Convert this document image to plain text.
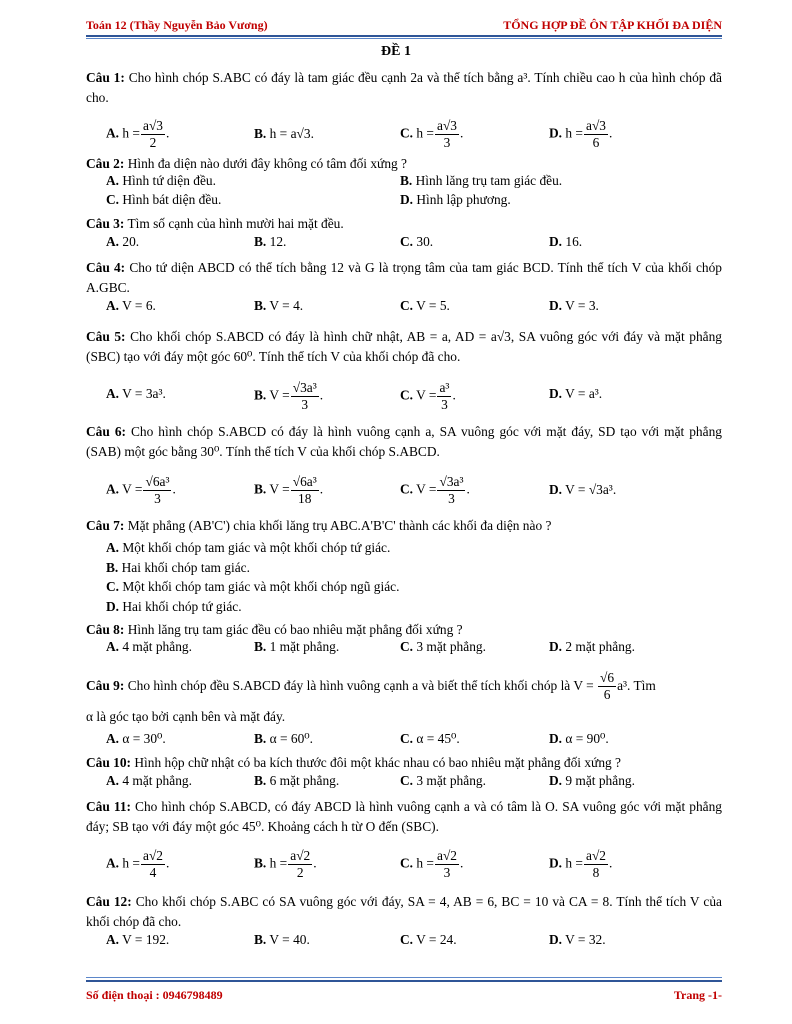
Toán 12 (Thầy Nguyễn Bảo Vương)	TỔNG HỢP ĐỀ ÔN TẬP KHỐI ĐA DIỆN
ĐỀ 1
Câu 1: Cho hình chóp S.ABC có đáy là tam giác đều cạnh 2a và thể tích bằng a³. Tính chiều cao h của hình chóp đã cho.
A. $h = \frac{a√3}{2}$ .	B. h = a√3.	C. $h = \frac{a√3}{3}$ .	D. $h = \frac{a√3}{6}$ .
Câu 2: Hình đa diện nào dưới đây không có tâm đối xứng ?
A. Hình tứ diện đều.	B. Hình lăng trụ tam giác đều.
C. Hình bát diện đều.	D. Hình lập phương.
Câu 3: Tìm số cạnh của hình mười hai mặt đều.
A. 20.	B. 12.	C. 30.	D. 16.
Câu 4: Cho tứ diện ABCD có thể tích bằng 12 và G là trọng tâm của tam giác BCD. Tính thể tích V của khối chóp A.GBC.
A. V = 6.	B. V = 4.	C. V = 5.	D. V = 3.
Câu 5: Cho khối chóp S.ABCD có đáy là hình chữ nhật, AB = a, AD = a√3, SA vuông góc với đáy và mặt phẳng (SBC) tạo với đáy một góc 60⁰. Tính thể tích V của khối chóp đã cho.
A. V = 3a³.	B. $V = \frac{\text{√3a³}}{3}$ .	C. $V = \frac{\text{a³}}{3}$ .	D. V = a³.
Câu 6: Cho hình chóp S.ABCD có đáy là hình vuông cạnh a, SA vuông góc với mặt đáy, SD tạo với mặt phẳng (SAB) một góc bằng 30⁰. Tính thể tích V của khối chóp S.ABCD.
A. $V = \frac{\text{√6a³}}{3}$ .	B. $V = \frac{\text{√6a³}}{18}$ .	C. $V = \frac{\text{√3a³}}{3}$ .	D. V = √3a³.
Câu 7: Mặt phẳng (AB'C') chia khối lăng trụ ABC.A'B'C' thành các khối đa diện nào ?
A. Một khối chóp tam giác và một khối chóp tứ giác.
B. Hai khối chóp tam giác.
C. Một khối chóp tam giác và một khối chóp ngũ giác.
D. Hai khối chóp tứ giác.
Câu 8: Hình lăng trụ tam giác đều có bao nhiêu mặt phẳng đối xứng ?
A. 4 mặt phẳng.	B. 1 mặt phẳng.	C. 3 mặt phẳng.	D. 2 mặt phẳng.
Câu 9: Cho hình chóp đều S.ABCD đáy là hình vuông cạnh a và biết thể tích khối chóp là $V = \frac{√6}{6} a^3$. Tìm
α là góc tạo bởi cạnh bên và mặt đáy.
A. α = 30⁰.	B. α = 60⁰.	C. α = 45⁰.	D. α = 90⁰.
Câu 10: Hình hộp chữ nhật có ba kích thước đôi một khác nhau có bao nhiêu mặt phẳng đối xứng ?
A. 4 mặt phẳng.	B. 6 mặt phẳng.	C. 3 mặt phẳng.	D. 9 mặt phẳng.
Câu 11: Cho hình chóp S.ABCD, có đáy ABCD là hình vuông cạnh a và có tâm là O. SA vuông góc với mặt phẳng đáy; SB tạo với đáy một góc 45⁰. Khoảng cách h từ O đến (SBC).
A. $h = \frac{a√2}{4}$ .	B. $h = \frac{a√2}{2}$ .	C. $h = \frac{a√2}{3}$ .	D. $h = \frac{a√2}{8}$ .
Câu 12: Cho khối chóp S.ABC có SA vuông góc với đáy, SA = 4, AB = 6, BC = 10 và CA = 8. Tính thể tích V của khối chóp đã cho.
A. V = 192.	B. V = 40.	C. V = 24.	D. V = 32.
Số điện thoại : 0946798489	Trang -1-
